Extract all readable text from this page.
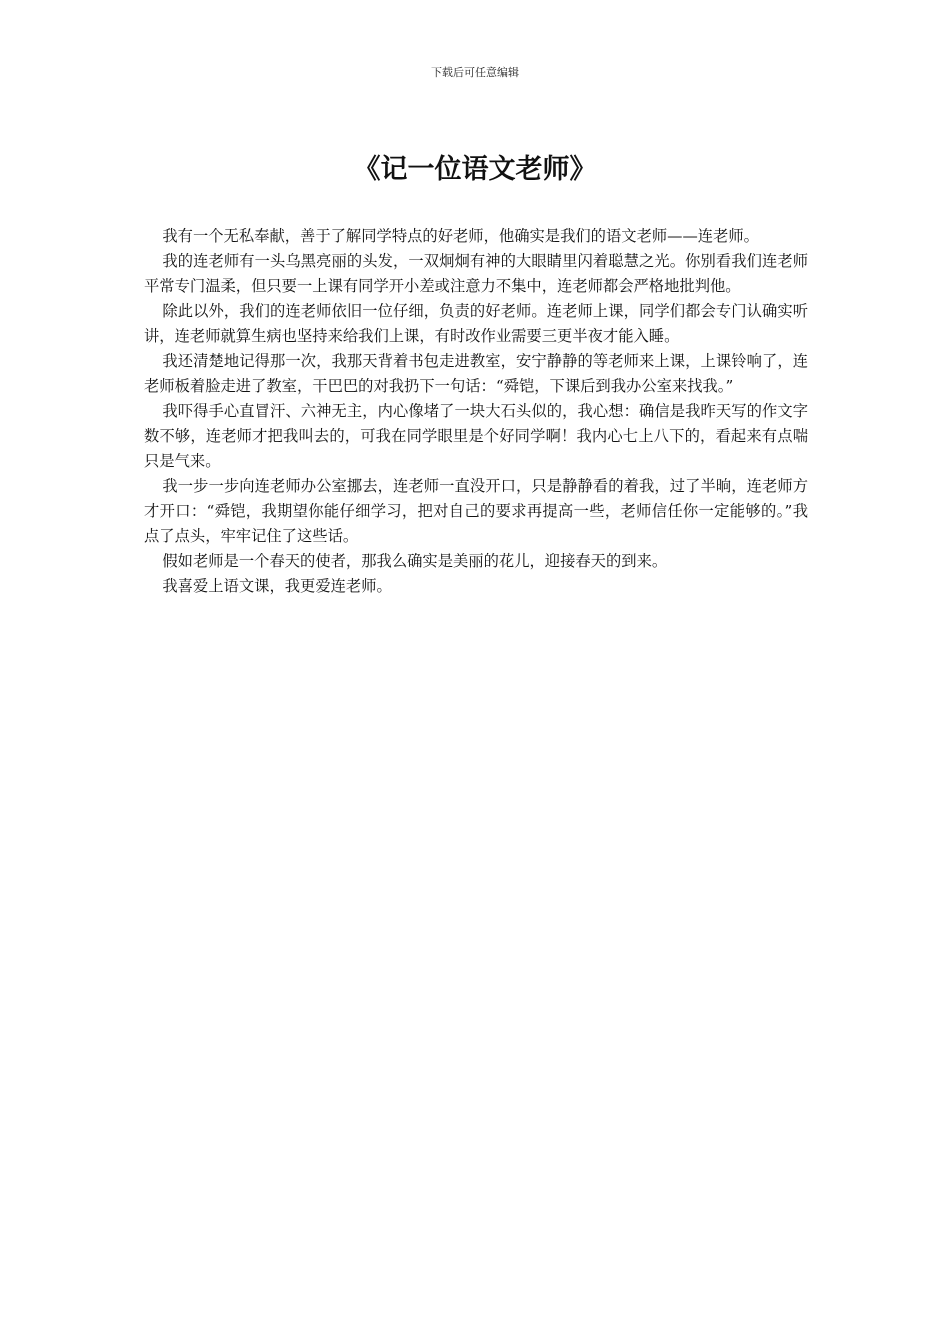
下载后可任意编辑
《记一位语文老师》

我有一个无私奉献，善于了解同学特点的好老师，他确实是我们的语文老师——连老师。

我的连老师有一头乌黑亮丽的头发，一双炯炯有神的大眼睛里闪着聪慧之光。你别看我们连老师平常专门温柔，但只要一上课有同学开小差或注意力不集中，连老师都会严格地批判他。

除此以外，我们的连老师依旧一位仔细，负责的好老师。连老师上课，同学们都会专门认确实听讲，连老师就算生病也坚持来给我们上课，有时改作业需要三更半夜才能入睡。

我还清楚地记得那一次，我那天背着书包走进教室，安宁静静的等老师来上课，上课铃响了，连老师板着脸走进了教室，干巴巴的对我扔下一句话：“舜铠，下课后到我办公室来找我。”

我吓得手心直冒汗、六神无主，内心像堵了一块大石头似的，我心想：确信是我昨天写的作文字数不够，连老师才把我叫去的，可我在同学眼里是个好同学啊！我内心七上八下的，看起来有点喘只是气来。

我一步一步向连老师办公室挪去，连老师一直没开口，只是静静看的着我，过了半晌，连老师方才开口：“舜铠，我期望你能仔细学习，把对自己的要求再提高一些，老师信任你一定能够的。”我点了点头，牢牢记住了这些话。

假如老师是一个春天的使者，那我么确实是美丽的花儿，迎接春天的到来。

我喜爱上语文课，我更爱连老师。
